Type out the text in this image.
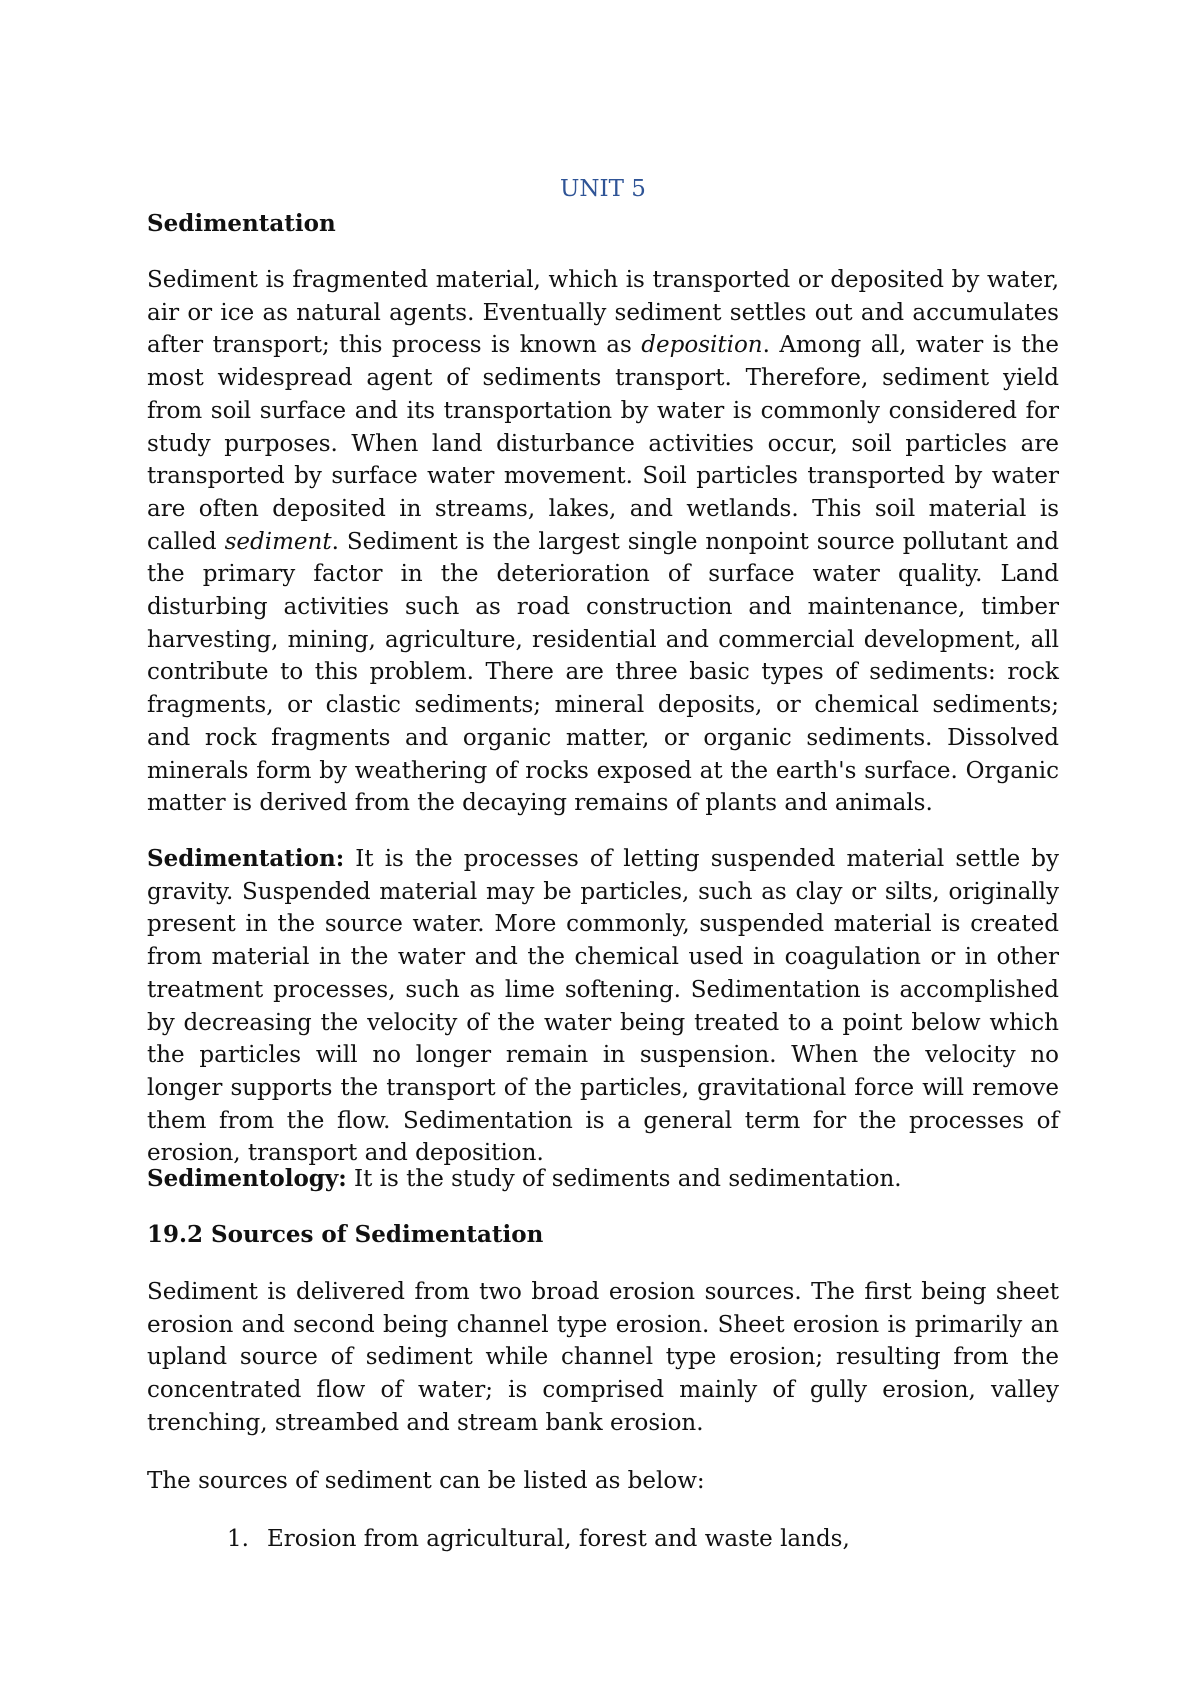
UNIT 5
Sedimentation

Sediment is fragmented material, which is transported or deposited by water, air or ice as natural agents. Eventually sediment settles out and accumulates after transport; this process is known as deposition. Among all, water is the most widespread agent of sediments transport. Therefore, sediment yield from soil surface and its transportation by water is commonly considered for study purposes. When land disturbance activities occur, soil particles are transported by surface water movement. Soil particles transported by water are often deposited in streams, lakes, and wetlands. This soil material is called sediment. Sediment is the largest single nonpoint source pollutant and the primary factor in the deterioration of surface water quality. Land disturbing activities such as road construction and maintenance, timber harvesting, mining, agriculture, residential and commercial development, all contribute to this problem. There are three basic types of sediments: rock fragments, or clastic sediments; mineral deposits, or chemical sediments; and rock fragments and organic matter, or organic sediments. Dissolved minerals form by weathering of rocks exposed at the earth's surface. Organic matter is derived from the decaying remains of plants and animals.

Sedimentation: It is the processes of letting suspended material settle by gravity. Suspended material may be particles, such as clay or silts, originally present in the source water. More commonly, suspended material is created from material in the water and the chemical used in coagulation or in other treatment processes, such as lime softening. Sedimentation is accomplished by decreasing the velocity of the water being treated to a point below which the particles will no longer remain in suspension. When the velocity no longer supports the transport of the particles, gravitational force will remove them from the flow. Sedimentation is a general term for the processes of erosion, transport and deposition.

Sedimentology: It is the study of sediments and sedimentation.

19.2 Sources of Sedimentation

Sediment is delivered from two broad erosion sources. The first being sheet erosion and second being channel type erosion. Sheet erosion is primarily an upland source of sediment while channel type erosion; resulting from the concentrated flow of water; is comprised mainly of gully erosion, valley trenching, streambed and stream bank erosion.

The sources of sediment can be listed as below:

1. Erosion from agricultural, forest and waste lands,
